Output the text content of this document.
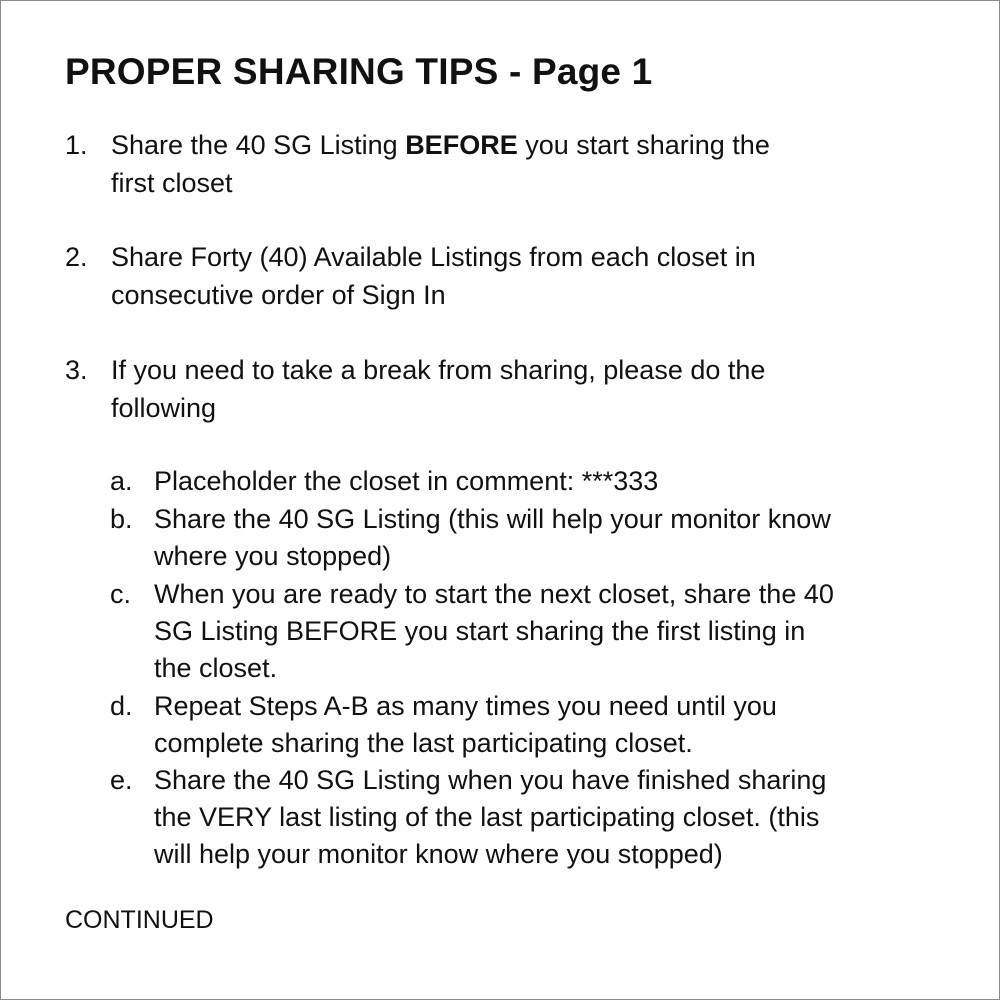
PROPER SHARING TIPS - Page 1
1. Share the 40 SG Listing BEFORE you start sharing the
first closet
2. Share Forty (40) Available Listings from each closet in
consecutive order of Sign In
3. If you need to take a break from sharing, please do the
following
a. Placeholder the closet in comment: ***333
b. Share the 40 SG Listing (this will help your monitor know
where you stopped)
c. When you are ready to start the next closet, share the 40
SG Listing BEFORE you start sharing the first listing in
the closet.
d. Repeat Steps A-B as many times you need until you
complete sharing the last participating closet.
e. Share the 40 SG Listing when you have finished sharing
the VERY last listing of the last participating closet. (this
will help your monitor know where you stopped)
CONTINUED
